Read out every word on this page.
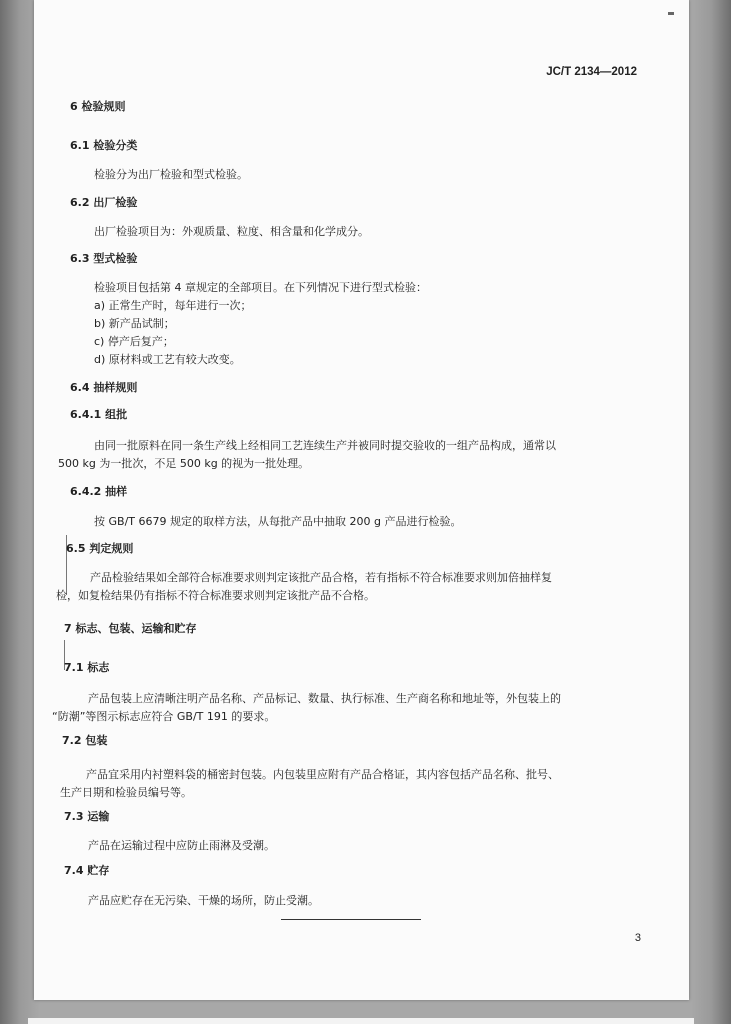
JC/T 2134—2012
6 检验规则
6.1 检验分类
检验分为出厂检验和型式检验。
6.2 出厂检验
出厂检验项目为：外观质量、粒度、相含量和化学成分。
6.3 型式检验
检验项目包括第 4 章规定的全部项目。在下列情况下进行型式检验：
a) 正常生产时，每年进行一次；
b) 新产品试制；
c) 停产后复产；
d) 原材料或工艺有较大改变。
6.4 抽样规则
6.4.1 组批
由同一批原料在同一条生产线上经相同工艺连续生产并被同时提交验收的一组产品构成，通常以
500 kg 为一批次，不足 500 kg 的视为一批处理。
6.4.2 抽样
按 GB/T 6679 规定的取样方法，从每批产品中抽取 200 g 产品进行检验。
6.5 判定规则
产品检验结果如全部符合标准要求则判定该批产品合格，若有指标不符合标准要求则加倍抽样复
检，如复检结果仍有指标不符合标准要求则判定该批产品不合格。
7 标志、包装、运输和贮存
7.1 标志
产品包装上应清晰注明产品名称、产品标记、数量、执行标准、生产商名称和地址等，外包装上的
“防潮”等图示标志应符合 GB/T 191 的要求。
7.2 包装
产品宜采用内衬塑料袋的桶密封包装。内包装里应附有产品合格证，其内容包括产品名称、批号、
生产日期和检验员编号等。
7.3 运输
产品在运输过程中应防止雨淋及受潮。
7.4 贮存
产品应贮存在无污染、干燥的场所，防止受潮。
3
